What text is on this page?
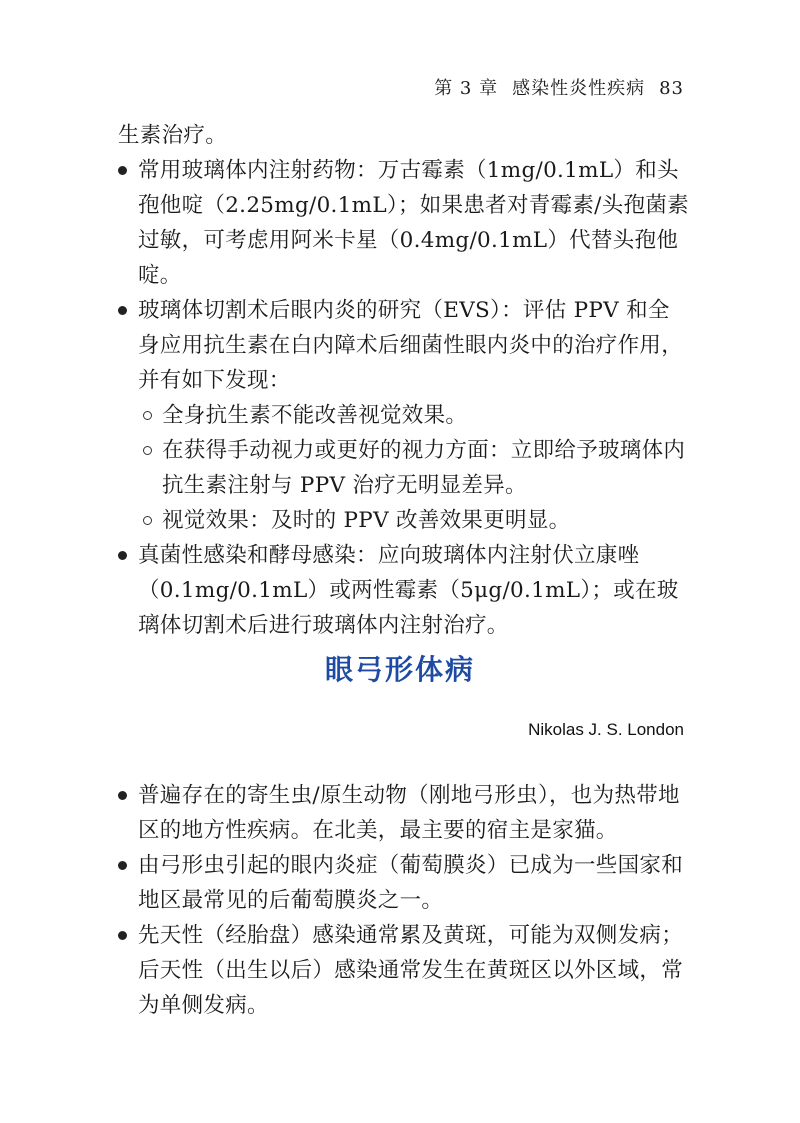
第 3 章 感染性炎性疾病 83

生素治疗。

常用玻璃体内注射药物：万古霉素（1mg/0.1mL）和头孢他啶（2.25mg/0.1mL）；如果患者对青霉素/头孢菌素过敏，可考虑用阿米卡星（0.4mg/0.1mL）代替头孢他啶。
玻璃体切割术后眼内炎的研究（EVS）：评估 PPV 和全身应用抗生素在白内障术后细菌性眼内炎中的治疗作用，并有如下发现：
全身抗生素不能改善视觉效果。
在获得手动视力或更好的视力方面：立即给予玻璃体内抗生素注射与 PPV 治疗无明显差异。
视觉效果：及时的 PPV 改善效果更明显。
真菌性感染和酵母感染：应向玻璃体内注射伏立康唑（0.1mg/0.1mL）或两性霉素（5μg/0.1mL）；或在玻璃体切割术后进行玻璃体内注射治疗。
眼弓形体病
Nikolas J. S. London
普遍存在的寄生虫/原生动物（刚地弓形虫），也为热带地区的地方性疾病。在北美，最主要的宿主是家猫。
由弓形虫引起的眼内炎症（葡萄膜炎）已成为一些国家和地区最常见的后葡萄膜炎之一。
先天性（经胎盘）感染通常累及黄斑，可能为双侧发病；后天性（出生以后）感染通常发生在黄斑区以外区域，常为单侧发病。
